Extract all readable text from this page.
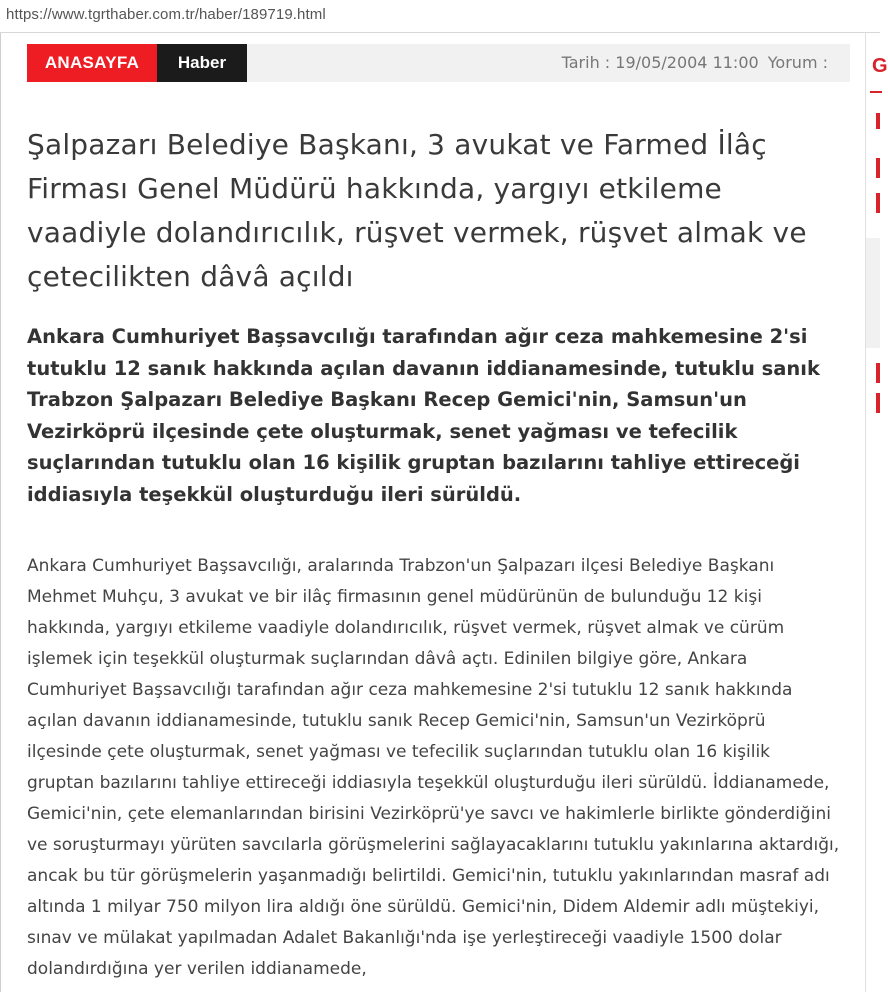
https://www.tgrthaber.com.tr/haber/189719.html
ANASAYFA	Haber	Tarih : 19/05/2004 11:00 Yorum :
Şalpazarı Belediye Başkanı, 3 avukat ve Farmed İlâç Firması Genel Müdürü hakkında, yargıyı etkileme vaadiyle dolandırıcılık, rüşvet vermek, rüşvet almak ve çetecilikten dâvâ açıldı

Ankara Cumhuriyet Başsavcılığı tarafından ağır ceza mahkemesine 2'si tutuklu 12 sanık hakkında açılan davanın iddianamesinde, tutuklu sanık Trabzon Şalpazarı Belediye Başkanı Recep Gemici'nin, Samsun'un Vezirköprü ilçesinde çete oluşturmak, senet yağması ve tefecilik suçlarından tutuklu olan 16 kişilik gruptan bazılarını tahliye ettireceği iddiasıyla teşekkül oluşturduğu ileri sürüldü.

Ankara Cumhuriyet Başsavcılığı, aralarında Trabzon'un Şalpazarı ilçesi Belediye Başkanı Mehmet Muhçu, 3 avukat ve bir ilâç firmasının genel müdürünün de bulunduğu 12 kişi hakkında, yargıyı etkileme vaadiyle dolandırıcılık, rüşvet vermek, rüşvet almak ve cürüm işlemek için teşekkül oluşturmak suçlarından dâvâ açtı. Edinilen bilgiye göre, Ankara Cumhuriyet Başsavcılığı tarafından ağır ceza mahkemesine 2'si tutuklu 12 sanık hakkında açılan davanın iddianamesinde, tutuklu sanık Recep Gemici'nin, Samsun'un Vezirköprü ilçesinde çete oluşturmak, senet yağması ve tefecilik suçlarından tutuklu olan 16 kişilik gruptan bazılarını tahliye ettireceği iddiasıyla teşekkül oluşturduğu ileri sürüldü. İddianamede, Gemici'nin, çete elemanlarından birisini Vezirköprü'ye savcı ve hakimlerle birlikte gönderdiğini ve soruşturmayı yürüten savcılarla görüşmelerini sağlayacaklarını tutuklu yakınlarına aktardığı, ancak bu tür görüşmelerin yaşanmadığı belirtildi. Gemici'nin, tutuklu yakınlarından masraf adı altında 1 milyar 750 milyon lira aldığı öne sürüldü. Gemici'nin, Didem Aldemir adlı müştekiyi, sınav ve mülakat yapılmadan Adalet Bakanlığı'nda işe yerleştireceği vaadiyle 1500 dolar dolandırdığına yer verilen iddianamede,

G
